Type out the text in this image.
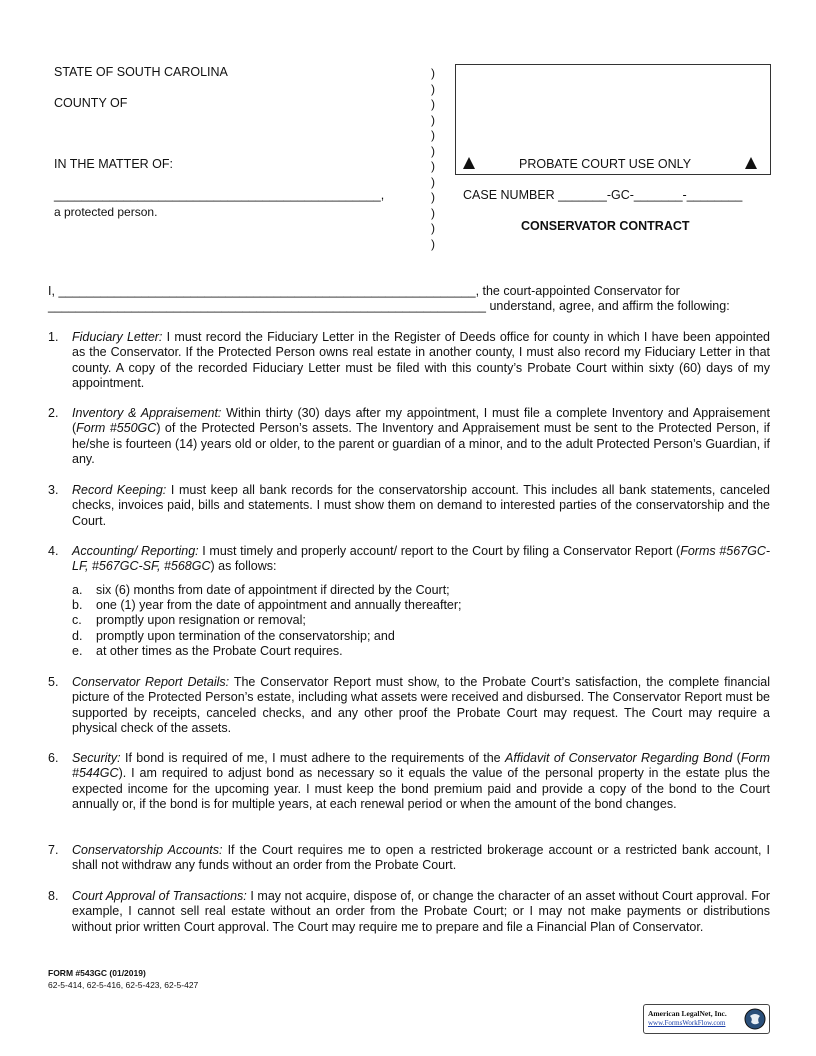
STATE OF SOUTH CAROLINA
COUNTY OF
IN THE MATTER OF:
_______________________________________________,
a protected person.
)
)
)
)
)
)
)
)
)
)
)
)
PROBATE COURT USE ONLY
CASE NUMBER _______-GC-_______-________
CONSERVATOR CONTRACT
I, ____________________________________________________________, the court-appointed Conservator for
_______________________________________________________________ understand, agree, and affirm the following:
1. Fiduciary Letter: I must record the Fiduciary Letter in the Register of Deeds office for county in which I have been appointed as the Conservator. If the Protected Person owns real estate in another county, I must also record my Fiduciary Letter in that county. A copy of the recorded Fiduciary Letter must be filed with this county’s Probate Court within sixty (60) days of my appointment.
2. Inventory & Appraisement: Within thirty (30) days after my appointment, I must file a complete Inventory and Appraisement (Form #550GC) of the Protected Person’s assets. The Inventory and Appraisement must be sent to the Protected Person, if he/she is fourteen (14) years old or older, to the parent or guardian of a minor, and to the adult Protected Person’s Guardian, if any.
3. Record Keeping: I must keep all bank records for the conservatorship account. This includes all bank statements, canceled checks, invoices paid, bills and statements. I must show them on demand to interested parties of the conservatorship and the Court.
4. Accounting/ Reporting: I must timely and properly account/ report to the Court by filing a Conservator Report (Forms #567GC-LF, #567GC-SF, #568GC) as follows:
a. six (6) months from date of appointment if directed by the Court;
b. one (1) year from the date of appointment and annually thereafter;
c. promptly upon resignation or removal;
d. promptly upon termination of the conservatorship; and
e. at other times as the Probate Court requires.
5. Conservator Report Details: The Conservator Report must show, to the Probate Court’s satisfaction, the complete financial picture of the Protected Person’s estate, including what assets were received and disbursed. The Conservator Report must be supported by receipts, canceled checks, and any other proof the Probate Court may request. The Court may require a physical check of the assets.
6. Security: If bond is required of me, I must adhere to the requirements of the Affidavit of Conservator Regarding Bond (Form #544GC). I am required to adjust bond as necessary so it equals the value of the personal property in the estate plus the expected income for the upcoming year. I must keep the bond premium paid and provide a copy of the bond to the Court annually or, if the bond is for multiple years, at each renewal period or when the amount of the bond changes.
7. Conservatorship Accounts: If the Court requires me to open a restricted brokerage account or a restricted bank account, I shall not withdraw any funds without an order from the Probate Court.
8. Court Approval of Transactions: I may not acquire, dispose of, or change the character of an asset without Court approval. For example, I cannot sell real estate without an order from the Probate Court; or I may not make payments or distributions without prior written Court approval. The Court may require me to prepare and file a Financial Plan of Conservator.
FORM #543GC (01/2019)
62-5-414, 62-5-416, 62-5-423, 62-5-427
American LegalNet, Inc.
www.FormsWorkFlow.com
